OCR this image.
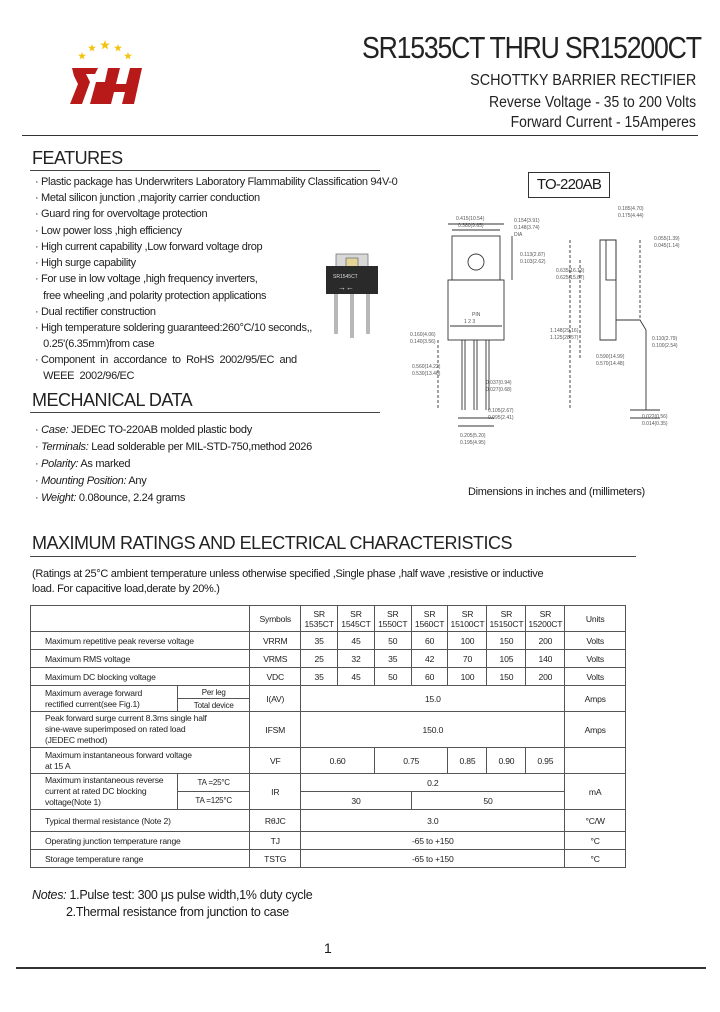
SR1535CT THRU SR15200CT
SCHOTTKY BARRIER RECTIFIER
Reverse Voltage - 35 to 200 Volts
Forward Current - 15Amperes
FEATURES
· Plastic package has Underwriters Laboratory Flammability Classification 94V-0
· Metal silicon junction ,majority carrier conduction
· Guard ring for overvoltage protection
· Low power loss ,high efficiency
· High current capability ,Low forward voltage drop
· High surge capability
· For use in low voltage ,high frequency inverters,
free wheeling ,and polarity protection applications
· Dual rectifier construction
· High temperature soldering guaranteed:260°C/10 seconds,,
0.25'(6.35mm)from case
· Component  in  accordance  to  RoHS  2002/95/EC  and
WEEE  2002/96/EC
TO-220AB
SR1545CT
→←
0.415(10.54)
0.380(9.65)
0.154(3.91)
0.148(3.74)
DIA
0.113(2.87)
0.103(2.62)
0.160(4.06)
0.140(3.56)
0.560(14.22)
0.530(13.46)
0.037(0.94)
0.027(0.68)
0.105(2.67)
0.095(2.41)
0.205(5.20)
0.195(4.95)
0.185(4.70)
0.175(4.44)
0.055(1.39)
0.045(1.14)
0.635(16.13)
0.625(15.87)
1.148(29.16)
1.125(28.57)	0.110(2.79)
0.100(2.54)
0.590(14.99)
0.570(14.48)
0.022(0.56)
0.014(0.35)
PIN
1 2 3
Dimensions in inches and (millimeters)
MECHANICAL DATA
· Case: JEDEC TO-220AB molded plastic body
· Terminals: Lead solderable per MIL-STD-750,method 2026
· Polarity: As marked
· Mounting Position: Any
· Weight: 0.08ounce, 2.24 grams
MAXIMUM RATINGS AND ELECTRICAL CHARACTERISTICS
(Ratings at 25°C ambient temperature unless otherwise specified ,Single phase ,half wave ,resistive or inductive
load. For capacitive load,derate by 20%.)
		Symbols	SR
1535CT	SR
1545CT	SR
1550CT	SR
1560CT	SR
15100CT	SR
15150CT	SR
15200CT	Units
Maximum repetitive peak reverse voltage		VRRM	35	45	50	60	100	150	200	Volts
Maximum RMS voltage		VRMS	25	32	35	42	70	105	140	Volts
Maximum DC blocking voltage		VDC	35	45	50	60	100	150	200	Volts
Maximum average forward
rectified current(see Fig.1)	Per leg	I(AV)	15.0							Amps
	Total device									
Peak forward surge current 8.3ms single half
sine-wave superimposed on rated load
(JEDEC method)		IFSM	150.0							Amps
Maximum instantaneous forward voltage
at 15 A		VF	0.60		0.75		0.85	0.90	0.95	
Maximum instantaneous reverse
current at rated DC blocking
voltage(Note 1)	TA =25°C	IR	0.2							mA
	TA =125°C		30			50				
Typical thermal resistance (Note 2)		RθJC	3.0							°C/W
Operating junction temperature range		TJ	-65 to +150							°C
Storage temperature range		TSTG	-65 to +150							°C
Notes: 1.Pulse test: 300 μs pulse width,1% duty cycle
2.Thermal resistance from junction to case
1
